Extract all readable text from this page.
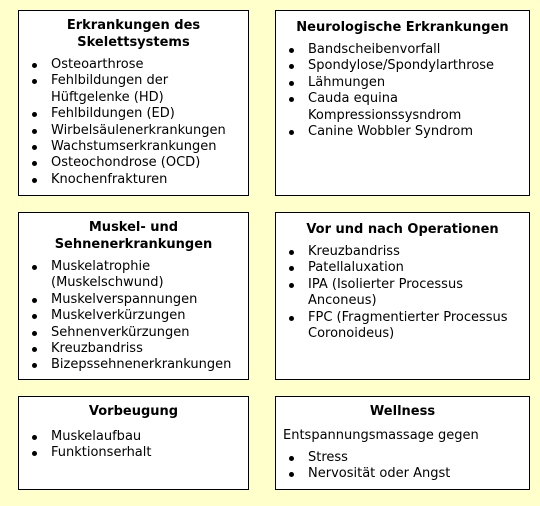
Erkrankungen des
Skelettsystems
Osteoarthrose
Fehlbildungen der
Hüftgelenke (HD)
Fehlbildungen (ED)
Wirbelsäulenerkrankungen
Wachstumserkrankungen
Osteochondrose (OCD)
Knochenfrakturen
Neurologische Erkrankungen
Bandscheibenvorfall
Spondylose/Spondylarthrose
Lähmungen
Cauda equina
Kompressionssysndrom
Canine Wobbler Syndrom
Muskel- und
Sehnenerkrankungen
Muskelatrophie
(Muskelschwund)
Muskelverspannungen
Muskelverkürzungen
Sehnenverkürzungen
Kreuzbandriss
Bizepssehnenerkrankungen
Vor und nach Operationen
Kreuzbandriss
Patellaluxation
IPA (Isolierter Processus
Anconeus)
FPC (Fragmentierter Processus
Coronoideus)
Vorbeugung
Muskelaufbau
Funktionserhalt
Wellness
Entspannungsmassage gegen
Stress
Nervosität oder Angst
